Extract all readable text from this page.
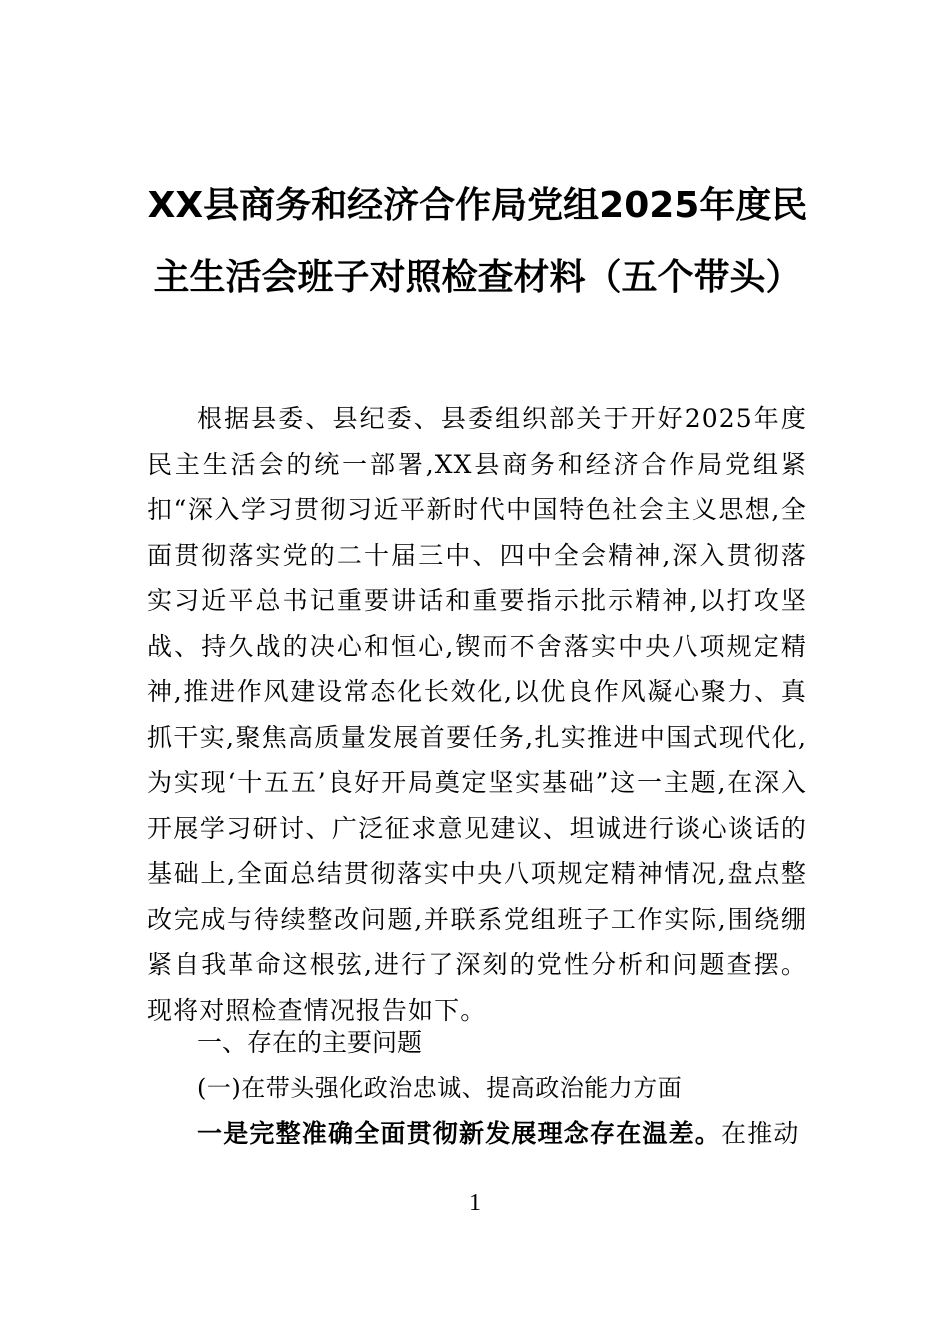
XX县商务和经济合作局党组2025年度民
主生活会班子对照检查材料（五个带头）

根据县委、县纪委、县委组织部关于开好2025年度民主生活会的统一部署,XX县商务和经济合作局党组紧扣“深入学习贯彻习近平新时代中国特色社会主义思想,全面贯彻落实党的二十届三中、四中全会精神,深入贯彻落实习近平总书记重要讲话和重要指示批示精神,以打攻坚战、持久战的决心和恒心,锲而不舍落实中央八项规定精神,推进作风建设常态化长效化,以优良作风凝心聚力、真抓干实,聚焦高质量发展首要任务,扎实推进中国式现代化,为实现‘十五五’良好开局奠定坚实基础”这一主题,在深入开展学习研讨、广泛征求意见建议、坦诚进行谈心谈话的基础上,全面总结贯彻落实中央八项规定精神情况,盘点整改完成与待续整改问题,并联系党组班子工作实际,围绕绷紧自我革命这根弦,进行了深刻的党性分析和问题查摆。现将对照检查情况报告如下。

一、存在的主要问题
(一)在带头强化政治忠诚、提高政治能力方面
一是完整准确全面贯彻新发展理念存在温差。在推动
1
